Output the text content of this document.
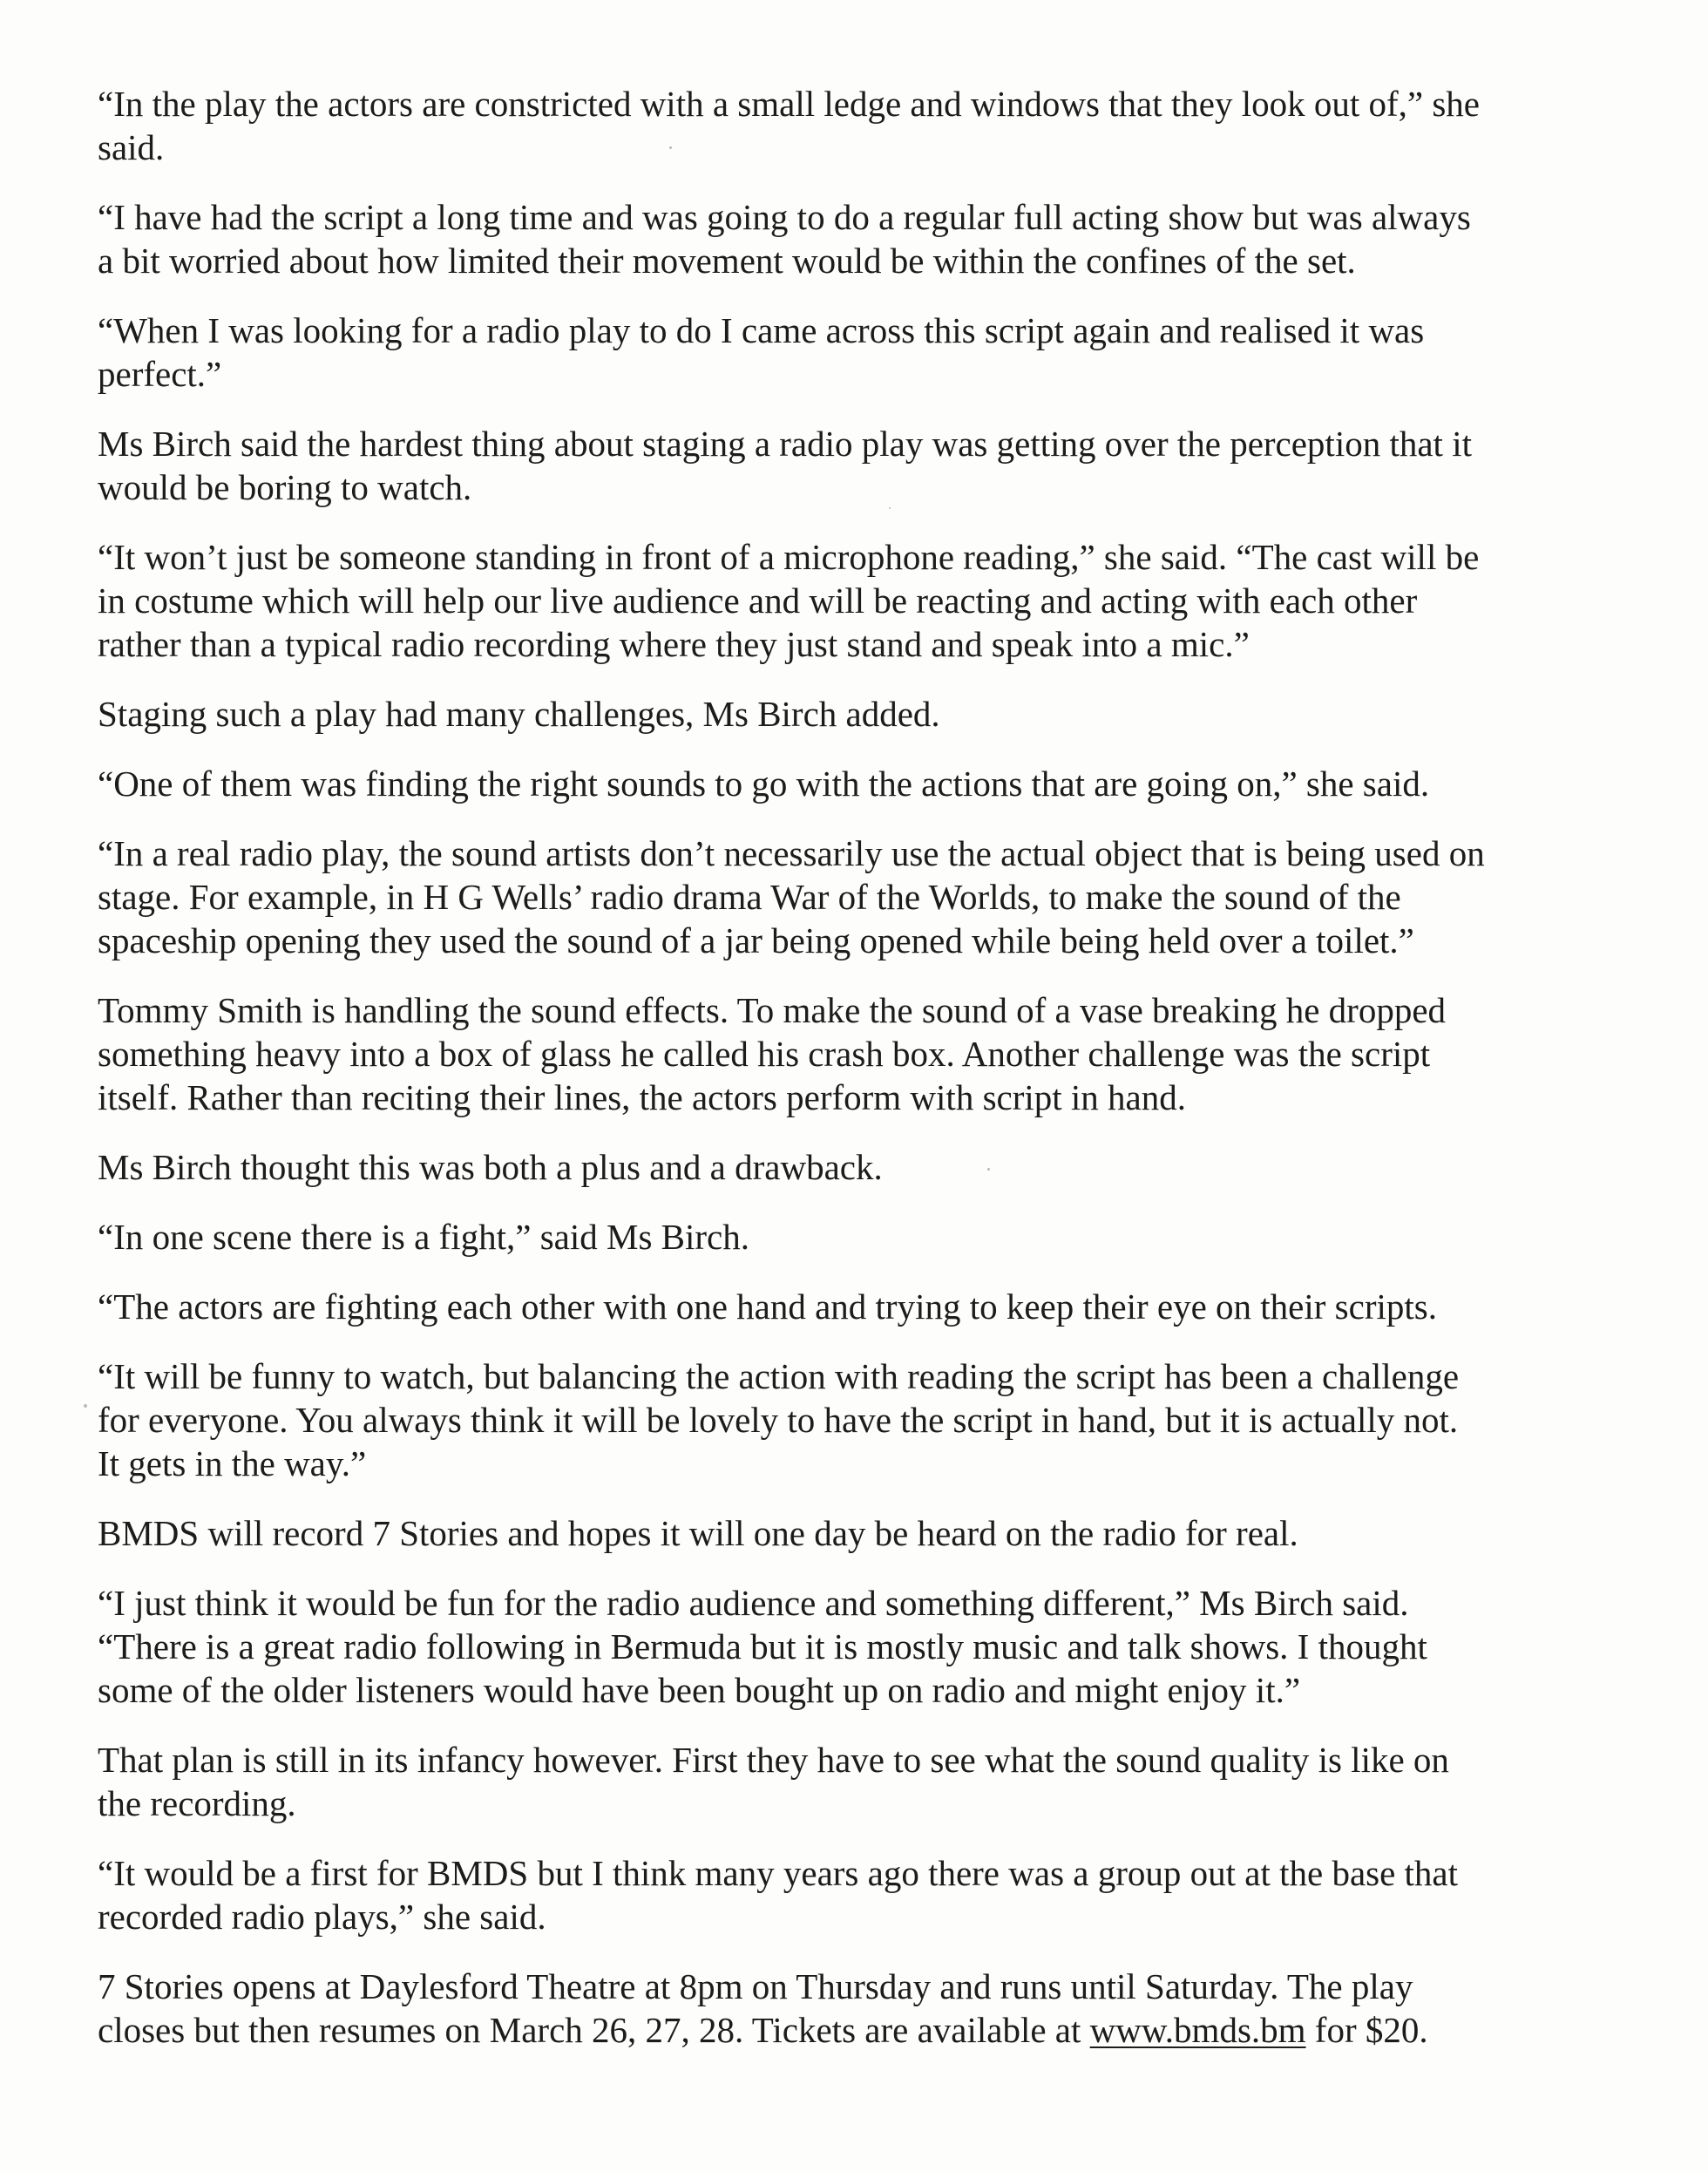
“In the play the actors are constricted with a small ledge and windows that they look out of,” she
said.

“I have had the script a long time and was going to do a regular full acting show but was always
a bit worried about how limited their movement would be within the confines of the set.

“When I was looking for a radio play to do I came across this script again and realised it was
perfect.”

Ms Birch said the hardest thing about staging a radio play was getting over the perception that it
would be boring to watch.

“It won’t just be someone standing in front of a microphone reading,” she said. “The cast will be
in costume which will help our live audience and will be reacting and acting with each other
rather than a typical radio recording where they just stand and speak into a mic.”

Staging such a play had many challenges, Ms Birch added.

“One of them was finding the right sounds to go with the actions that are going on,” she said.

“In a real radio play, the sound artists don’t necessarily use the actual object that is being used on
stage. For example, in H G Wells’ radio drama War of the Worlds, to make the sound of the
spaceship opening they used the sound of a jar being opened while being held over a toilet.”

Tommy Smith is handling the sound effects. To make the sound of a vase breaking he dropped
something heavy into a box of glass he called his crash box. Another challenge was the script
itself. Rather than reciting their lines, the actors perform with script in hand.

Ms Birch thought this was both a plus and a drawback.

“In one scene there is a fight,” said Ms Birch.

“The actors are fighting each other with one hand and trying to keep their eye on their scripts.

“It will be funny to watch, but balancing the action with reading the script has been a challenge
for everyone. You always think it will be lovely to have the script in hand, but it is actually not.
It gets in the way.”

BMDS will record 7 Stories and hopes it will one day be heard on the radio for real.

“I just think it would be fun for the radio audience and something different,” Ms Birch said.
“There is a great radio following in Bermuda but it is mostly music and talk shows. I thought
some of the older listeners would have been bought up on radio and might enjoy it.”

That plan is still in its infancy however. First they have to see what the sound quality is like on
the recording.

“It would be a first for BMDS but I think many years ago there was a group out at the base that
recorded radio plays,” she said.

7 Stories opens at Daylesford Theatre at 8pm on Thursday and runs until Saturday. The play
closes but then resumes on March 26, 27, 28. Tickets are available at www.bmds.bm for $20.
